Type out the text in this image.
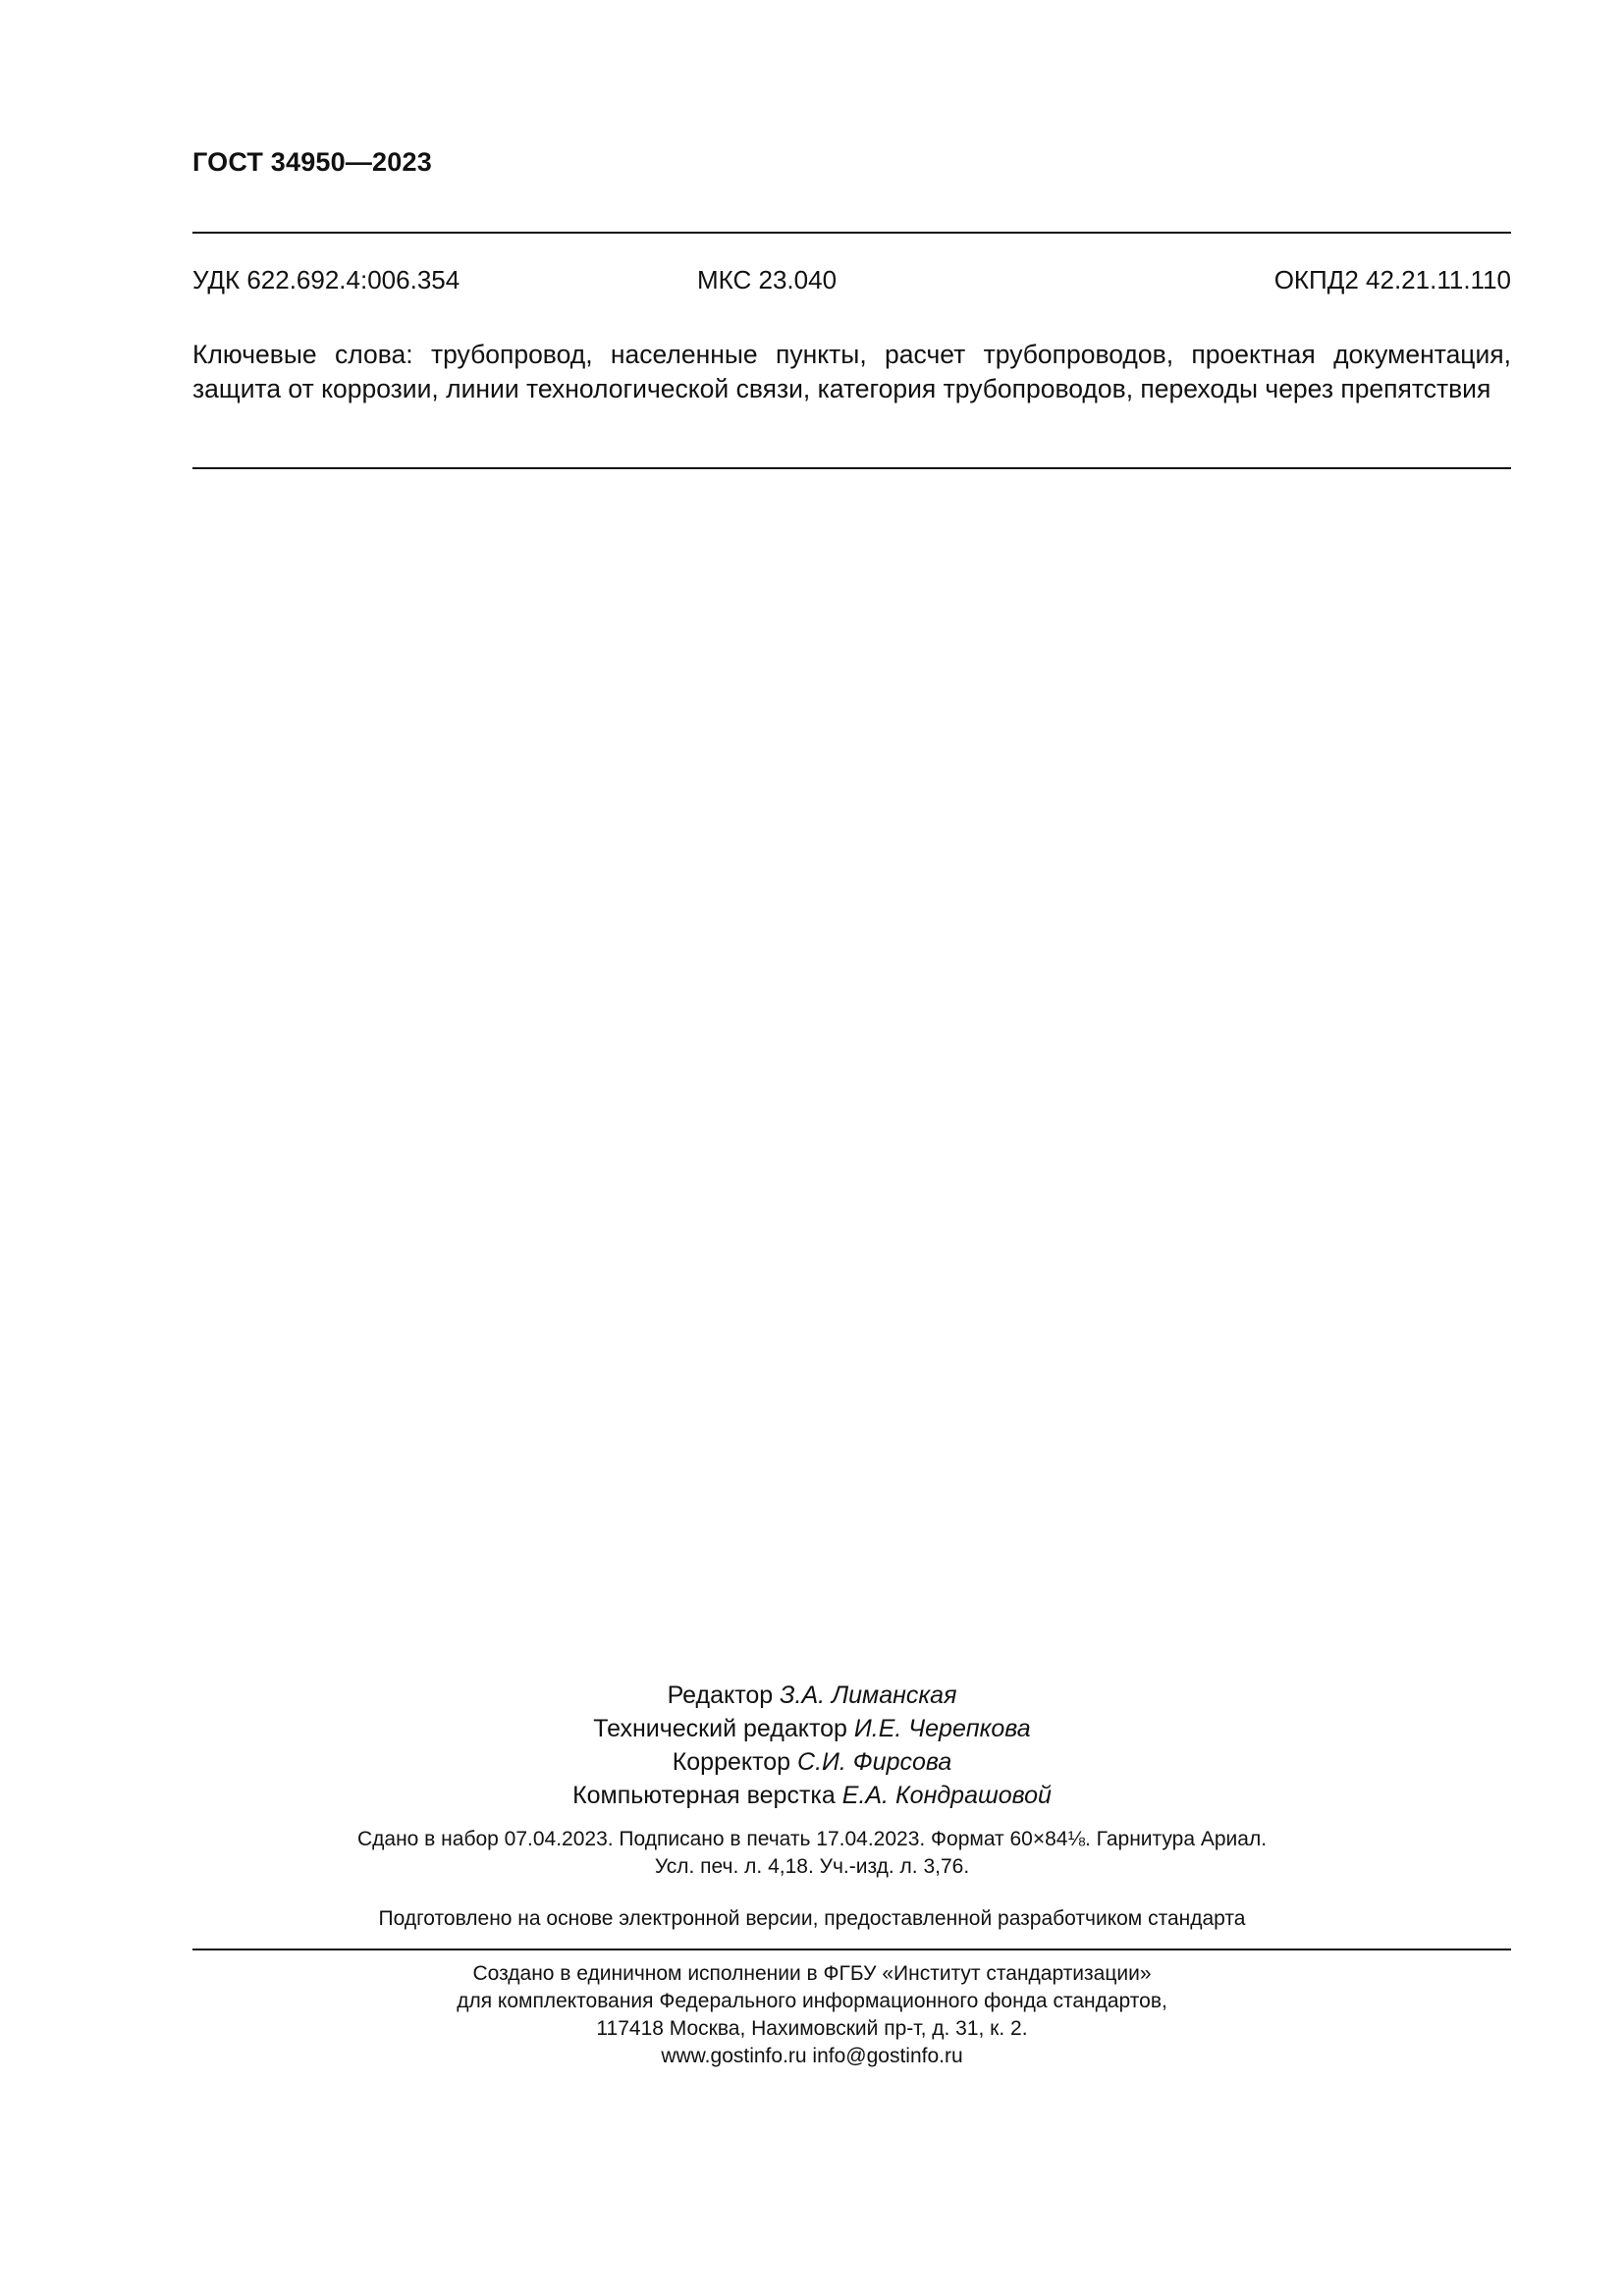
ГОСТ 34950—2023
УДК 622.692.4:006.354	МКС 23.040	ОКПД2 42.21.11.110
Ключевые слова: трубопровод, населенные пункты, расчет трубопроводов, проектная документация, защита от коррозии, линии технологической связи, категория трубопроводов, переходы через препятствия
Редактор З.А. Лиманская
Технический редактор И.Е. Черепкова
Корректор С.И. Фирсова
Компьютерная верстка Е.А. Кондрашовой
Сдано в набор 07.04.2023. Подписано в печать 17.04.2023. Формат 60×84⅛. Гарнитура Ариал.
Усл. печ. л. 4,18. Уч.-изд. л. 3,76.
Подготовлено на основе электронной версии, предоставленной разработчиком стандарта
Создано в единичном исполнении в ФГБУ «Институт стандартизации»
для комплектования Федерального информационного фонда стандартов,
117418 Москва, Нахимовский пр-т, д. 31, к. 2.
www.gostinfo.ru info@gostinfo.ru
